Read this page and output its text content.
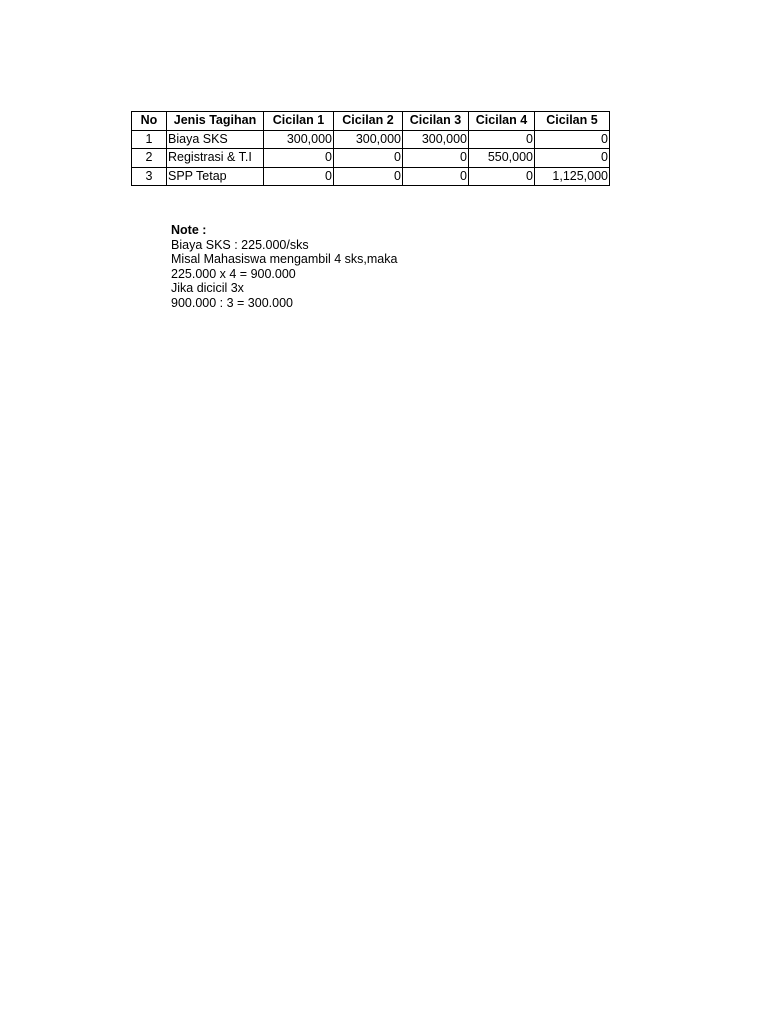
No	Jenis Tagihan	Cicilan 1	Cicilan 2	Cicilan 3	Cicilan 4	Cicilan 5
1	Biaya SKS	300,000	300,000	300,000	0	0
2	Registrasi & T.I	0	0	0	550,000	0
3	SPP Tetap	0	0	0	0	1,125,000
Note :
Biaya SKS : 225.000/sks
Misal Mahasiswa mengambil 4 sks,maka
225.000 x 4 = 900.000
Jika dicicil 3x
900.000 : 3 = 300.000
